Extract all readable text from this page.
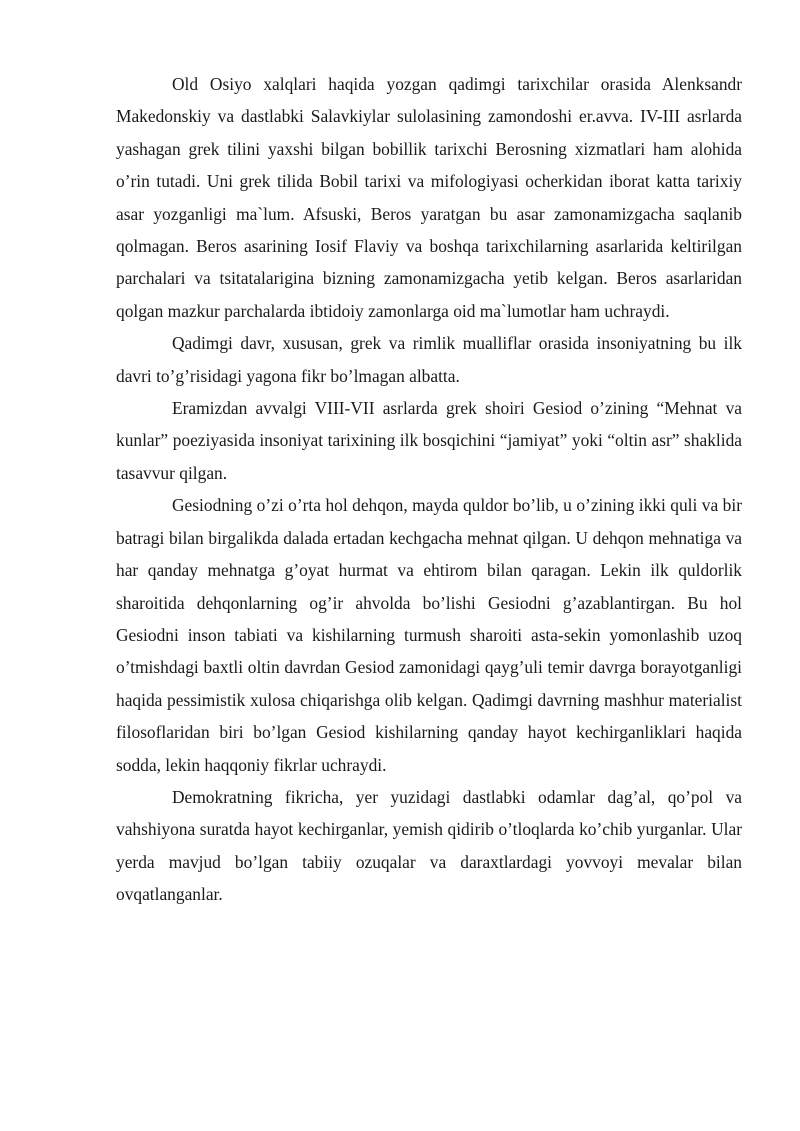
Old Osiyo xalqlari haqida yozgan qadimgi tarixchilar orasida Alenksandr Makedonskiy va dastlabki Salavkiylar sulolasining zamondoshi er.avva. IV-III asrlarda yashagan grek tilini yaxshi bilgan bobillik tarixchi Berosning xizmatlari ham alohida o’rin tutadi. Uni grek tilida Bobil tarixi va mifologiyasi ocherkidan iborat katta tarixiy asar yozganligi ma`lum. Afsuski, Beros yaratgan bu asar zamonamizgacha saqlanib qolmagan. Beros asarining Iosif Flaviy va boshqa tarixchilarning asarlarida keltirilgan parchalari va tsitatalarigina bizning zamonamizgacha yetib kelgan. Beros asarlaridan qolgan mazkur parchalarda ibtidoiy zamonlarga oid ma`lumotlar ham uchraydi.

Qadimgi davr, xususan, grek va rimlik mualliflar orasida insoniyatning bu ilk davri to’g’risidagi yagona fikr bo’lmagan albatta.

Eramizdan avvalgi VIII-VII asrlarda grek shoiri Gesiod o’zining “Mehnat va kunlar” poeziyasida insoniyat tarixining ilk bosqichini “jamiyat” yoki “oltin asr” shaklida tasavvur qilgan.

Gesiodning o’zi o’rta hol dehqon, mayda quldor bo’lib, u o’zining ikki quli va bir batragi bilan birgalikda dalada ertadan kechgacha mehnat qilgan. U dehqon mehnatiga va har qanday mehnatga g’oyat hurmat va ehtirom bilan qaragan. Lekin ilk quldorlik sharoitida dehqonlarning og’ir ahvolda bo’lishi Gesiodni g’azablantirgan. Bu hol Gesiodni inson tabiati va kishilarning turmush sharoiti asta-sekin yomonlashib uzoq o’tmishdagi baxtli oltin davrdan Gesiod zamonidagi qayg’uli temir davrga borayotganligi haqida pessimistik xulosa chiqarishga olib kelgan. Qadimgi davrning mashhur materialist filosoflaridan biri bo’lgan Gesiod kishilarning qanday hayot kechirganliklari haqida sodda, lekin haqqoniy fikrlar uchraydi.

Demokratning fikricha, yer yuzidagi dastlabki odamlar dag’al, qo’pol va vahshiyona suratda hayot kechirganlar, yemish qidirib o’tloqlarda ko’chib yurganlar. Ular yerda mavjud bo’lgan tabiiy ozuqalar va daraxtlardagi yovvoyi mevalar bilan ovqatlanganlar.
